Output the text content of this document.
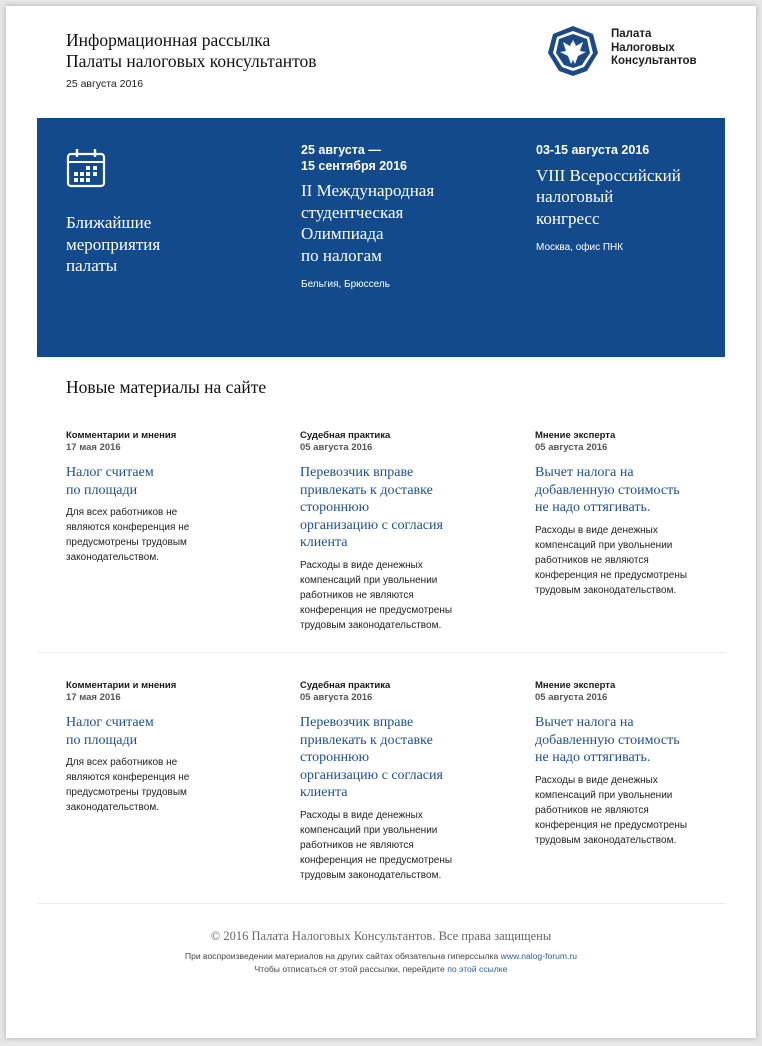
Информационная рассылка
Палаты налоговых консультантов
25 августа 2016
Палата
Налоговых
Консультантов
Ближайшие
мероприятия
палаты
25 августа —
15 сентября 2016
II Международная
студентческая
Олимпиада
по налогам
Бельгия, Брюссель
03-15 августа 2016
VIII Всероссийский
налоговый
конгресс
Москва, офис ПНК
Новые материалы на сайте
Комментарии и мнения
17 мая 2016
Налог считаем
по площади
Для всех работников не
являются конференция не
предусмотрены трудовым
законодательством.
Судебная практика
05 августа 2016
Перевозчик вправе
привлекать к доставке
стороннюю
организацию с согласия
клиента
Расходы в виде денежных
компенсаций при увольнении
работников не являются
конференция не предусмотрены
трудовым законодательством.
Мнение эксперта
05 августа 2016
Вычет налога на
добавленную стоимость
не надо оттягивать.
Расходы в виде денежных
компенсаций при увольнении
работников не являются
конференция не предусмотрены
трудовым законодательством.
Комментарии и мнения
17 мая 2016
Налог считаем
по площади
Для всех работников не
являются конференция не
предусмотрены трудовым
законодательством.
Судебная практика
05 августа 2016
Перевозчик вправе
привлекать к доставке
стороннюю
организацию с согласия
клиента
Расходы в виде денежных
компенсаций при увольнении
работников не являются
конференция не предусмотрены
трудовым законодательством.
Мнение эксперта
05 августа 2016
Вычет налога на
добавленную стоимость
не надо оттягивать.
Расходы в виде денежных
компенсаций при увольнении
работников не являются
конференция не предусмотрены
трудовым законодательством.
© 2016 Палата Налоговых Консультантов. Все права защищены
При воспроизведении материалов на других сайтах обязательна гиперссылка www.nalog-forum.ru
Чтобы отписаться от этой рассылки, перейдите по этой ссылке
